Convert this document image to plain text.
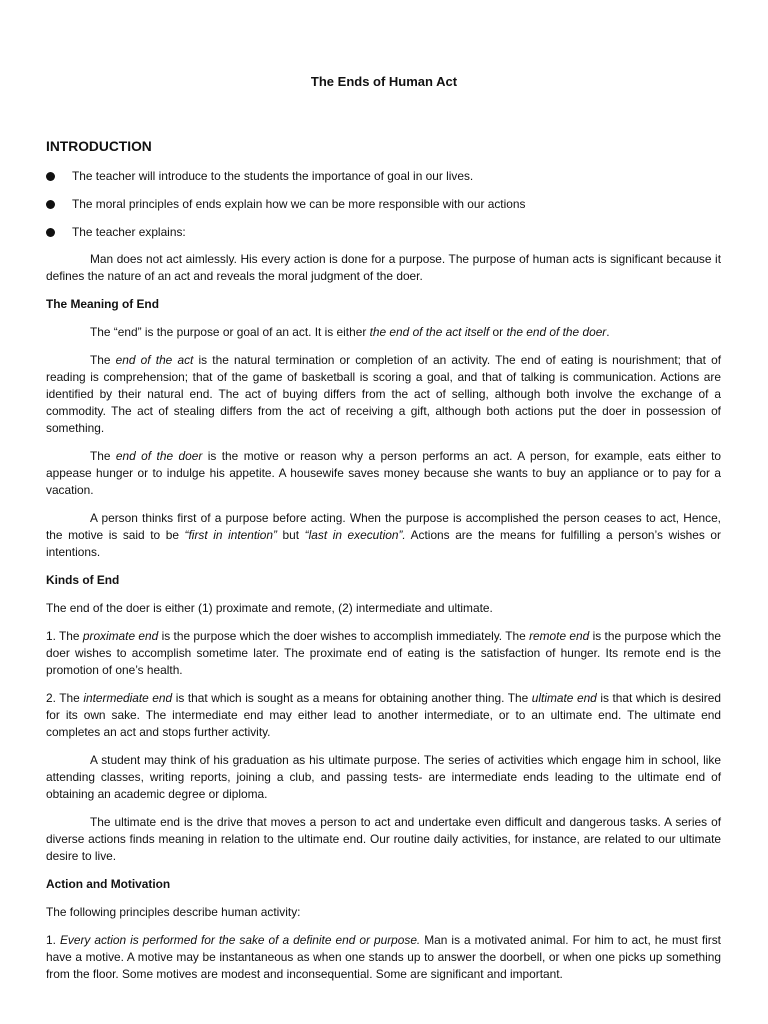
The Ends of Human Act
INTRODUCTION
The teacher will introduce to the students the importance of goal in our lives.
The moral principles of ends explain how we can be more responsible with our actions
The teacher explains:

Man does not act aimlessly. His every action is done for a purpose. The purpose of human acts is significant because it defines the nature of an act and reveals the moral judgment of the doer.

The Meaning of End

The “end” is the purpose or goal of an act. It is either the end of the act itself or the end of the doer.

The end of the act is the natural termination or completion of an activity. The end of eating is nourishment; that of reading is comprehension; that of the game of basketball is scoring a goal, and that of talking is communication. Actions are identified by their natural end. The act of buying differs from the act of selling, although both involve the exchange of a commodity. The act of stealing differs from the act of receiving a gift, although both actions put the doer in possession of something.

The end of the doer is the motive or reason why a person performs an act. A person, for example, eats either to appease hunger or to indulge his appetite. A housewife saves money because she wants to buy an appliance or to pay for a vacation.

A person thinks first of a purpose before acting. When the purpose is accomplished the person ceases to act, Hence, the motive is said to be “first in intention” but “last in execution”. Actions are the means for fulfilling a person’s wishes or intentions.

Kinds of End

The end of the doer is either (1) proximate and remote, (2) intermediate and ultimate.

1. The proximate end is the purpose which the doer wishes to accomplish immediately. The remote end is the purpose which the doer wishes to accomplish sometime later. The proximate end of eating is the satisfaction of hunger. Its remote end is the promotion of one’s health.

2. The intermediate end is that which is sought as a means for obtaining another thing. The ultimate end is that which is desired for its own sake. The intermediate end may either lead to another intermediate, or to an ultimate end. The ultimate end completes an act and stops further activity.

A student may think of his graduation as his ultimate purpose. The series of activities which engage him in school, like attending classes, writing reports, joining a club, and passing tests- are intermediate ends leading to the ultimate end of obtaining an academic degree or diploma.

The ultimate end is the drive that moves a person to act and undertake even difficult and dangerous tasks. A series of diverse actions finds meaning in relation to the ultimate end. Our routine daily activities, for instance, are related to our ultimate desire to live.

Action and Motivation

The following principles describe human activity:

1. Every action is performed for the sake of a definite end or purpose. Man is a motivated animal. For him to act, he must first have a motive. A motive may be instantaneous as when one stands up to answer the doorbell, or when one picks up something from the floor. Some motives are modest and inconsequential. Some are significant and important.
